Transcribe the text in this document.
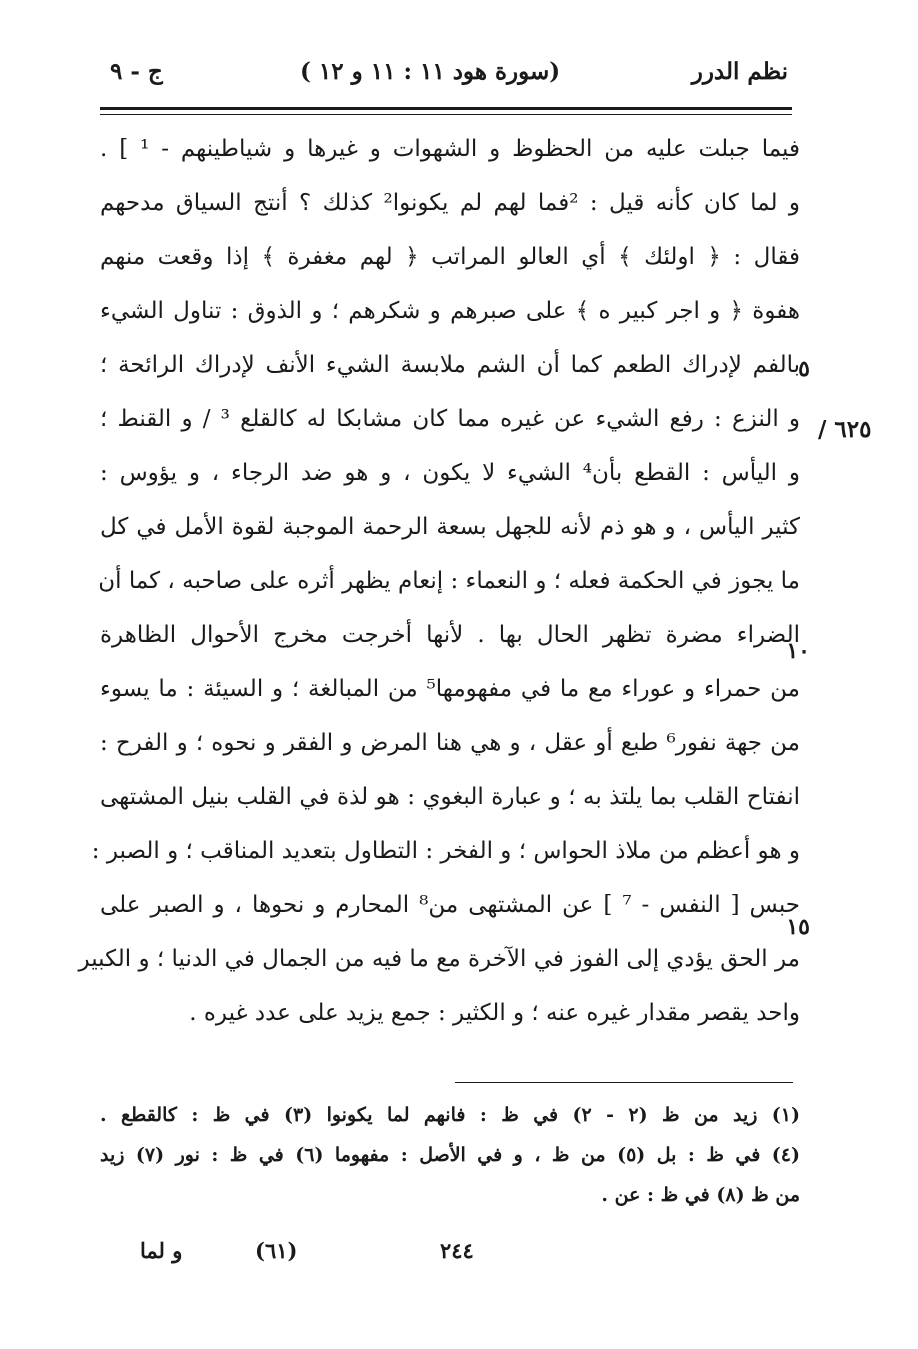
نظم الدرر
(سورة هود ١١ : ١١ و ١٢ )
ج - ٩
فيما جبلت عليه من الحظوظ و الشهوات و غيرها و شياطينهم - ¹ ] .
و لما كان كأنه قيل : ²فما لهم لم يكونوا² كذلك ؟ أنتج السياق مدحهم
فقال : ﴿ اولئك ﴾ أي العالو المراتب ﴿ لهم مغفرة ﴾ إذا وقعت منهم
هفوة ﴿ و اجر كبير ه ﴾ على صبرهم و شكرهم ؛ و الذوق : تناول الشيء
بالفم لإدراك الطعم كما أن الشم ملابسة الشيء الأنف لإدراك الرائحة ؛
و النزع : رفع الشيء عن غيره مما كان مشابكا له كالقلع ³ / و القنط ؛
و اليأس : القطع بأن⁴ الشيء لا يكون ، و هو ضد الرجاء ، و يؤوس :
كثير اليأس ، و هو ذم لأنه للجهل بسعة الرحمة الموجبة لقوة الأمل في كل
ما يجوز في الحكمة فعله ؛ و النعماء : إنعام يظهر أثره على صاحبه ، كما أن
الضراء مضرة تظهر الحال بها . لأنها أخرجت مخرج الأحوال الظاهرة
من حمراء و عوراء مع ما في مفهومها⁵ من المبالغة ؛ و السيئة : ما يسوء
من جهة نفور⁶ طبع أو عقل ، و هي هنا المرض و الفقر و نحوه ؛ و الفرح :
انفتاح القلب بما يلتذ به ؛ و عبارة البغوي : هو لذة في القلب بنيل المشتهى
و هو أعظم من ملاذ الحواس ؛ و الفخر : التطاول بتعديد المناقب ؛ و الصبر :
حبس [ النفس - ⁷ ] عن المشتهى من⁸ المحارم و نحوها ، و الصبر على
مر الحق يؤدي إلى الفوز في الآخرة مع ما فيه من الجمال في الدنيا ؛ و الكبير
واحد يقصر مقدار غيره عنه ؛ و الكثير : جمع يزيد على عدد غيره .
٥
١٠
١٥
٦٢٥ /
(١) زيد من ظ (٢ - ٢) في ظ : فانهم لما يكونوا (٣) في ظ : كالقطع .
(٤) في ظ : بل (٥) من ظ ، و في الأصل : مفهوما (٦) في ظ : نور (٧) زيد
من ظ (٨) في ظ : عن .
و لما	(٦١)	٢٤٤
